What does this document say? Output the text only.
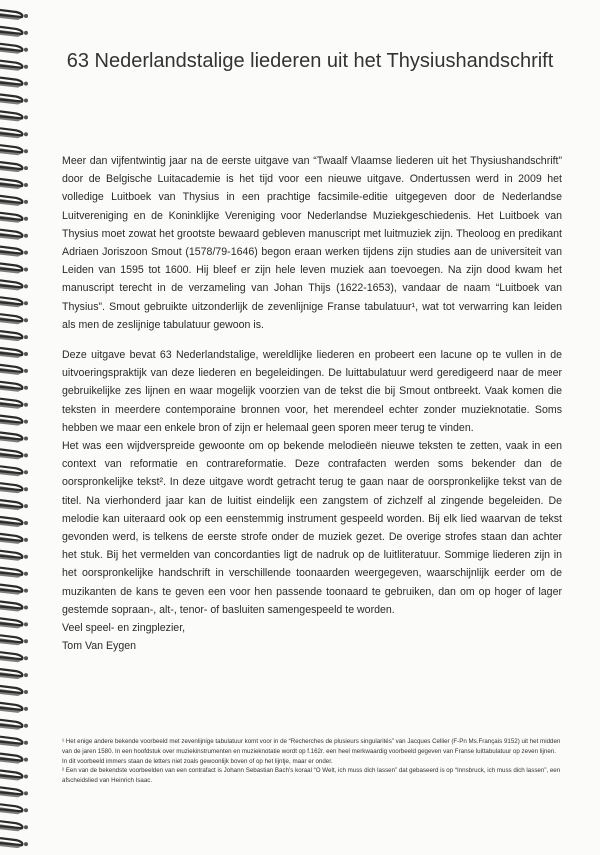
63 Nederlandstalige liederen uit het Thysiushandschrift

Meer dan vijfentwintig jaar na de eerste uitgave van “Twaalf Vlaamse liederen uit het Thysiushandschrift” door de Belgische Luitacademie is het tijd voor een nieuwe uitgave. Ondertussen werd in 2009 het volledige Luitboek van Thysius in een prachtige facsimile-editie uitgegeven door de Nederlandse Luitvereniging en de Koninklijke Vereniging voor Nederlandse Muziekgeschiedenis. Het Luitboek van Thysius moet zowat het grootste bewaard gebleven manuscript met luitmuziek zijn. Theoloog en predikant Adriaen Joriszoon Smout (1578/79-1646) begon eraan werken tijdens zijn studies aan de universiteit van Leiden van 1595 tot 1600. Hij bleef er zijn hele leven muziek aan toevoegen. Na zijn dood kwam het manuscript terecht in de verzameling van Johan Thijs (1622-1653), vandaar de naam “Luitboek van Thysius”. Smout gebruikte uitzonderlijk de zevenlijnige Franse tabulatuur¹, wat tot verwarring kan leiden als men de zeslijnige tabulatuur gewoon is.

Deze uitgave bevat 63 Nederlandstalige, wereldlijke liederen en probeert een lacune op te vullen in de uitvoeringspraktijk van deze liederen en begeleidingen. De luittabulatuur werd geredigeerd naar de meer gebruikelijke zes lijnen en waar mogelijk voorzien van de tekst die bij Smout ontbreekt. Vaak komen die teksten in meerdere contemporaine bronnen voor, het merendeel echter zonder muzieknotatie. Soms hebben we maar een enkele bron of zijn er helemaal geen sporen meer terug te vinden.

Het was een wijdverspreide gewoonte om op bekende melodieën nieuwe teksten te zetten, vaak in een context van reformatie en contrareformatie. Deze contrafacten werden soms bekender dan de oorspronkelijke tekst². In deze uitgave wordt getracht terug te gaan naar de oorspronkelijke tekst van de titel. Na vierhonderd jaar kan de luitist eindelijk een zangstem of zichzelf al zingende begeleiden. De melodie kan uiteraard ook op een eenstemmig instrument gespeeld worden. Bij elk lied waarvan de tekst gevonden werd, is telkens de eerste strofe onder de muziek gezet. De overige strofes staan dan achter het stuk. Bij het vermelden van concordanties ligt de nadruk op de luitliteratuur. Sommige liederen zijn in het oorspronkelijke handschrift in verschillende toonaarden weergegeven, waarschijnlijk eerder om de muzikanten de kans te geven een voor hen passende toonaard te gebruiken, dan om op hoger of lager gestemde sopraan-, alt-, tenor- of basluiten samengespeeld te worden.

Veel speel- en zingplezier,

Tom Van Eygen

¹ Het enige andere bekende voorbeeld met zevenlijnige tabulatuur komt voor in de “Recherches de plusieurs singularités” van Jacques Cellier (F-Pn Ms.Français 9152) uit het midden van de jaren 1580. In een hoofdstuk over muziekinstrumenten en muzieknotatie wordt op f.162r. een heel merkwaardig voorbeeld gegeven van Franse luittabulatuur op zeven lijnen. In dit voorbeeld immers staan de letters niet zoals gewoonlijk boven of op het lijntje, maar er onder.

² Een van de bekendste voorbeelden van een contrafact is Johann Sebastian Bach’s koraal “O Welt, ich muss dich lassen” dat gebaseerd is op “Innsbruck, ich muss dich lassen”, een afscheidslied van Heinrich Isaac.
